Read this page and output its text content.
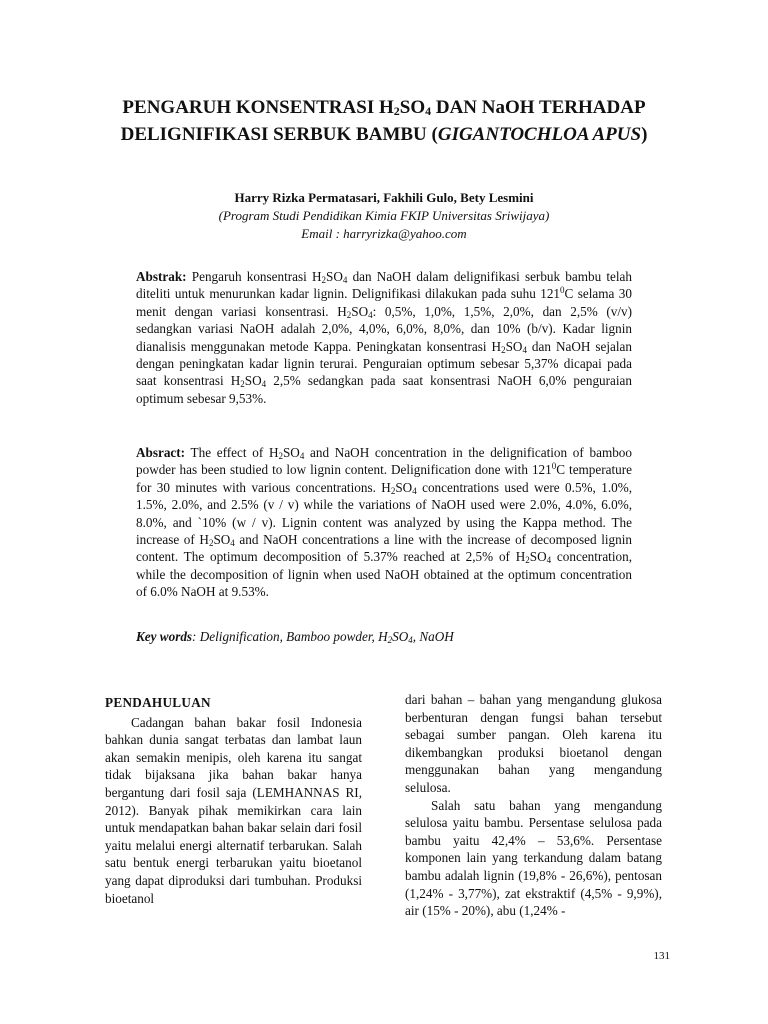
PENGARUH KONSENTRASI H2SO4 DAN NaOH TERHADAP
DELIGNIFIKASI SERBUK BAMBU (GIGANTOCHLOA APUS)
Harry Rizka Permatasari, Fakhili Gulo, Bety Lesmini
(Program Studi Pendidikan Kimia FKIP Universitas Sriwijaya)
Email : harryrizka@yahoo.com
Abstrak: Pengaruh konsentrasi $H_2SO_4$ dan NaOH dalam delignifikasi serbuk bambu telah diteliti untuk menurunkan kadar lignin. Delignifikasi dilakukan pada suhu $121^0C$ selama 30 menit dengan variasi konsentrasi. $H_2SO_4$: 0,5%, 1,0%, 1,5%, 2,0%, dan 2,5% (v/v) sedangkan variasi NaOH adalah 2,0%, 4,0%, 6,0%, 8,0%, dan 10% (b/v). Kadar lignin dianalisis menggunakan metode Kappa. Peningkatan konsentrasi $H_2SO_4$ dan NaOH sejalan dengan peningkatan kadar lignin terurai. Penguraian optimum sebesar 5,37% dicapai pada saat konsentrasi $H_2SO_4$ 2,5% sedangkan pada saat konsentrasi NaOH 6,0% penguraian optimum sebesar 9,53%.
Absract: The effect of $H_2SO_4$ and NaOH concentration in the delignification of bamboo powder has been studied to low lignin content. Delignification done with $121^0C$ temperature for 30 minutes with various concentrations. $H_2SO_4$ concentrations used were 0.5%, 1.0%, 1.5%, 2.0%, and 2.5% (v / v) while the variations of NaOH used were 2.0%, 4.0%, 6.0%, 8.0%, and `10% (w / v). Lignin content was analyzed by using the Kappa method. The increase of $H_2SO_4$ and NaOH concentrations a line with the increase of decomposed lignin content. The optimum decomposition of 5.37% reached at 2,5% of $H_2SO_4$ concentration, while the decomposition of lignin when used NaOH obtained at the optimum concentration of 6.0% NaOH at 9.53%.
Key words: Delignification, Bamboo powder, $H_2SO_4$, NaOH
PENDAHULUAN

Cadangan bahan bakar fosil Indonesia bahkan dunia sangat terbatas dan lambat laun akan semakin menipis, oleh karena itu sangat tidak bijaksana jika bahan bakar hanya bergantung dari fosil saja (LEMHANNAS RI, 2012). Banyak pihak memikirkan cara lain untuk mendapatkan bahan bakar selain dari fosil yaitu melalui energi alternatif terbarukan. Salah satu bentuk energi terbarukan yaitu bioetanol yang dapat diproduksi dari tumbuhan. Produksi bioetanol

dari bahan – bahan yang mengandung glukosa berbenturan dengan fungsi bahan tersebut sebagai sumber pangan. Oleh karena itu dikembangkan produksi bioetanol dengan menggunakan bahan yang mengandung selulosa.

Salah satu bahan yang mengandung selulosa yaitu bambu. Persentase selulosa pada bambu yaitu 42,4% – 53,6%. Persentase komponen lain yang terkandung dalam batang bambu adalah lignin (19,8% - 26,6%), pentosan (1,24% - 3,77%), zat ekstraktif (4,5% - 9,9%), air (15% - 20%), abu (1,24% -

131
